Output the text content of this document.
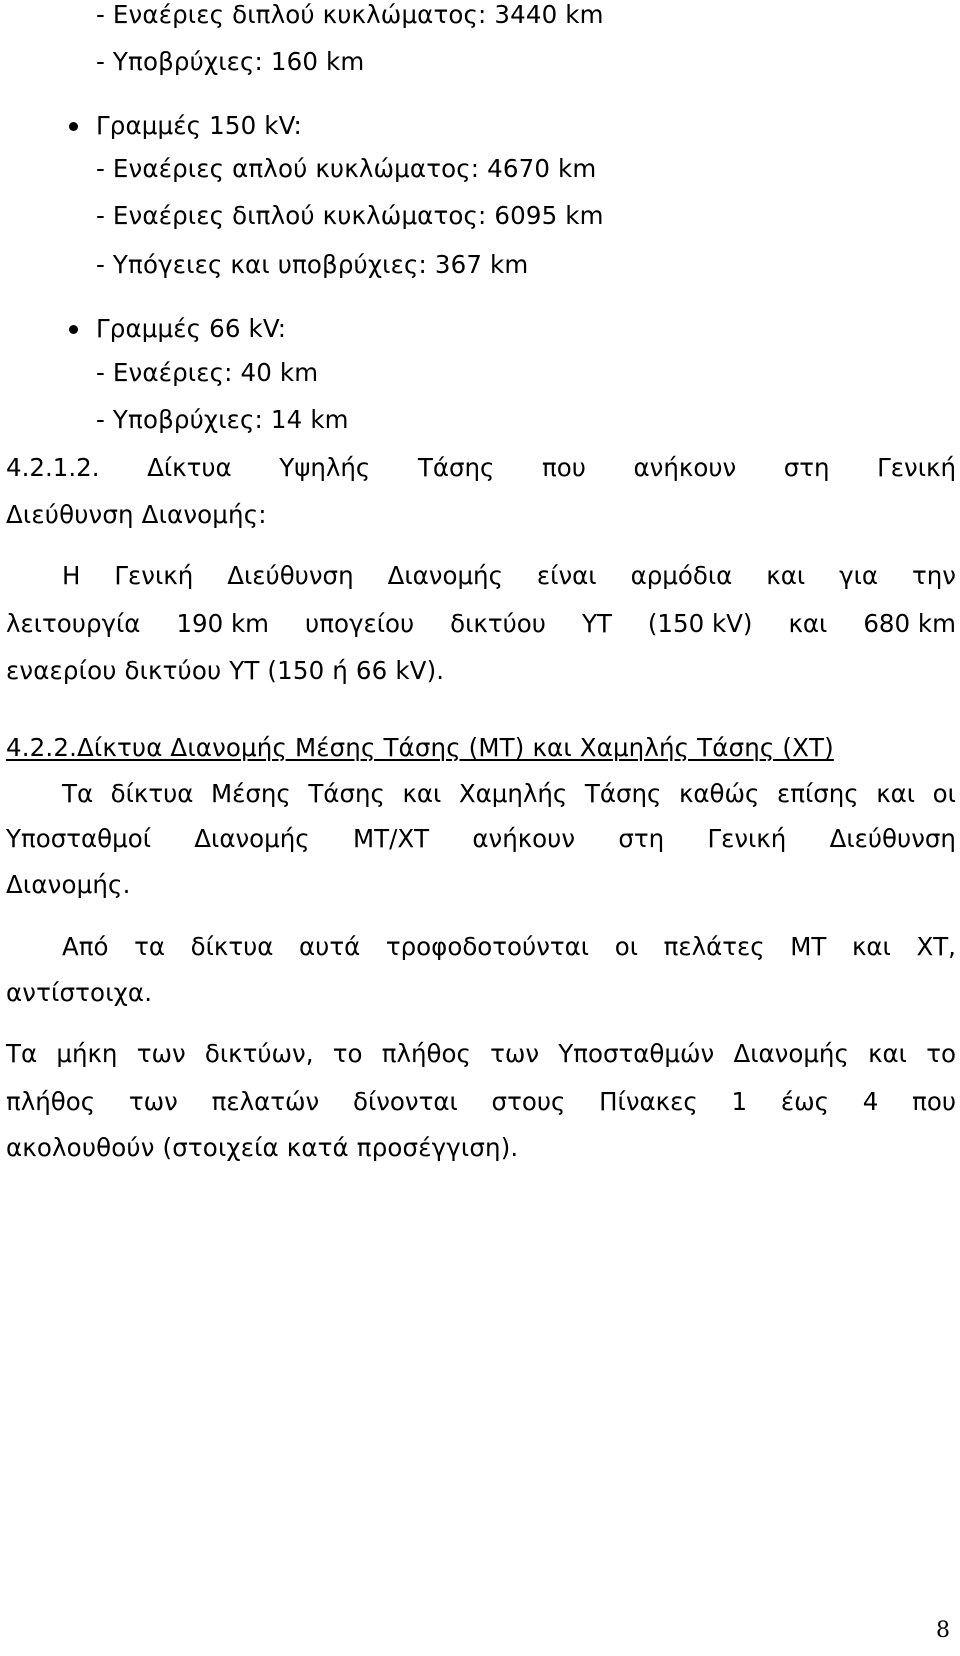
- Εναέριες διπλού κυκλώματος: 3440 km
- Υποβρύχιες: 160 km
Γραμμές 150 kV:
- Εναέριες απλού κυκλώματος: 4670 km
- Εναέριες διπλού κυκλώματος: 6095 km
- Υπόγειες και υποβρύχιες: 367 km
Γραμμές 66 kV:
- Εναέριες: 40 km
- Υποβρύχιες: 14 km
4.2.1.2. Δίκτυα Υψηλής Τάσης που ανήκουν στη Γενική
Διεύθυνση Διανομής:
Η Γενική Διεύθυνση Διανομής είναι αρμόδια και για την
λειτουργία 190 km υπογείου δικτύου ΥΤ (150 kV) και 680 km
εναερίου δικτύου ΥΤ (150 ή 66 kV).
4.2.2.Δίκτυα Διανομής Μέσης Τάσης (ΜΤ) και Χαμηλής Τάσης (ΧΤ)
Τα δίκτυα Μέσης Τάσης και Χαμηλής Τάσης καθώς επίσης και οι
Υποσταθμοί Διανομής ΜΤ/ΧΤ ανήκουν στη Γενική Διεύθυνση
Διανομής.
Από τα δίκτυα αυτά τροφοδοτούνται οι πελάτες ΜΤ και ΧΤ,
αντίστοιχα.
Τα μήκη των δικτύων, το πλήθος των Υποσταθμών Διανομής και το
πλήθος των πελατών δίνονται στους Πίνακες 1 έως 4 που
ακολουθούν (στοιχεία κατά προσέγγιση).
8
